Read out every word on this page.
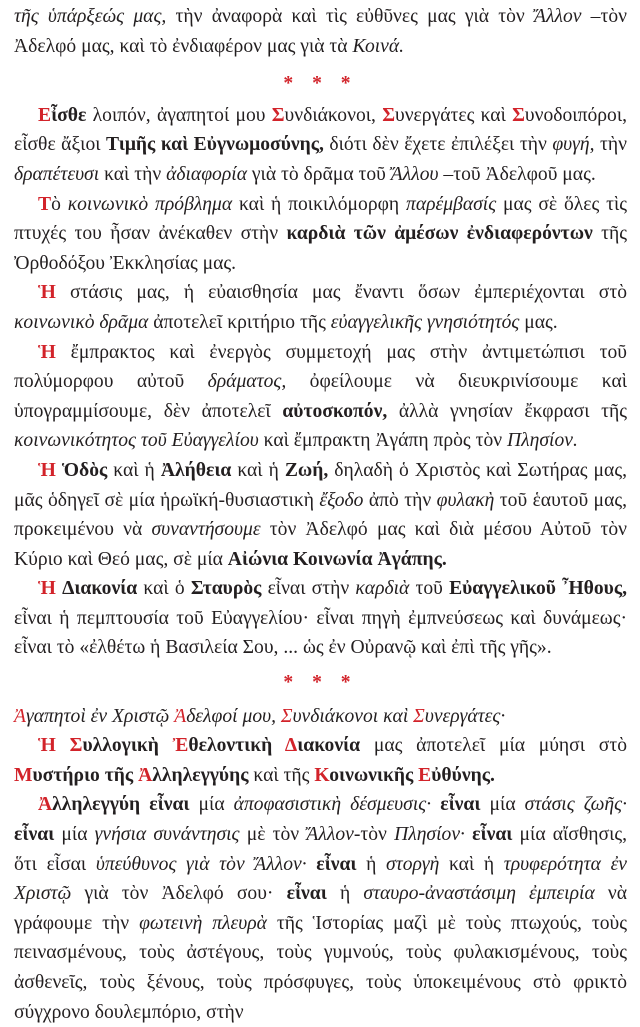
τῆς ὑπάρξεώς μας, τὴν ἀναφορὰ καὶ τὶς εὐθῦνες μας γιὰ τὸν Ἄλλον –τὸν Ἀδελφό μας, καὶ τὸ ἐνδιαφέρον μας γιὰ τὰ Κοινά.

* * *

Εἶσθε λοιπόν, ἀγαπητοί μου Συνδιάκονοι, Συνεργάτες καὶ Συνοδοιπόροι, εἶσθε ἄξιοι Τιμῆς καὶ Εὐγνωμοσύνης, διότι δὲν ἔχετε ἐπιλέξει τὴν φυγή, τὴν δραπέτευσι καὶ τὴν ἀδιαφορία γιὰ τὸ δρᾶμα τοῦ Ἄλλου –τοῦ Ἀδελφοῦ μας.

Τὸ κοινωνικὸ πρόβλημα καὶ ἡ ποικιλόμορφη παρέμβασίς μας σὲ ὅλες τὶς πτυχές του ἦσαν ἀνέκαθεν στὴν καρδιὰ τῶν ἀμέσων ἐνδιαφερόντων τῆς Ὀρθοδόξου Ἐκκλησίας μας.

Ἡ στάσις μας, ἡ εὐαισθησία μας ἔναντι ὅσων ἐμπεριέχονται στὸ κοινωνικὸ δρᾶμα ἀποτελεῖ κριτήριο τῆς εὐαγγελικῆς γνησιότητός μας.

Ἡ ἔμπρακτος καὶ ἐνεργὸς συμμετοχή μας στὴν ἀντιμετώπισι τοῦ πολύμορφου αὐτοῦ δράματος, ὀφείλουμε νὰ διευκρινίσουμε καὶ ὑπογραμμίσουμε, δὲν ἀποτελεῖ αὐτοσκοπόν, ἀλλὰ γνησίαν ἔκφρασι τῆς κοινωνικότητος τοῦ Εὐαγγελίου καὶ ἔμπρακτη Ἀγάπη πρὸς τὸν Πλησίον.

Ἡ Ὁδὸς καὶ ἡ Ἀλήθεια καὶ ἡ Ζωή, δηλαδὴ ὁ Χριστὸς καὶ Σωτήρας μας, μᾶς ὁδηγεῖ σὲ μία ἡρωϊκή-θυσιαστικὴ ἔξοδο ἀπὸ τὴν φυλακὴ τοῦ ἑαυτοῦ μας, προκειμένου νὰ συναντήσουμε τὸν Ἀδελφό μας καὶ διὰ μέσου Αὐτοῦ τὸν Κύριο καὶ Θεό μας, σὲ μία Αἰώνια Κοινωνία Ἀγάπης.

Ἡ Διακονία καὶ ὁ Σταυρὸς εἶναι στὴν καρδιὰ τοῦ Εὐαγγελικοῦ Ἦθους, εἶναι ἡ πεμπτουσία τοῦ Εὐαγγελίου· εἶναι πηγὴ ἐμπνεύσεως καὶ δυνάμεως· εἶναι τὸ «ἐλθέτω ἡ Βασιλεία Σου, ... ὡς ἐν Οὐρανῷ καὶ ἐπὶ τῆς γῆς».

* * *

Ἀγαπητοὶ ἐν Χριστῷ Ἀδελφοί μου, Συνδιάκονοι καὶ Συνεργάτες·

Ἡ Συλλογικὴ Ἐθελοντικὴ Διακονία μας ἀποτελεῖ μία μύησι στὸ Μυστήριο τῆς Ἀλληλεγγύης καὶ τῆς Κοινωνικῆς Εὐθύνης.

Ἀλληλεγγύη εἶναι μία ἀποφασιστικὴ δέσμευσις· εἶναι μία στάσις ζωῆς· εἶναι μία γνήσια συνάντησις μὲ τὸν Ἄλλον-τὸν Πλησίον· εἶναι μία αἴσθησις, ὅτι εἶσαι ὑπεύθυνος γιὰ τὸν Ἄλλον· εἶναι ἡ στοργὴ καὶ ἡ τρυφερότητα ἐν Χριστῷ γιὰ τὸν Ἀδελφό σου· εἶναι ἡ σταυρο-ἀναστάσιμη ἐμπειρία νὰ γράφουμε τὴν φωτεινὴ πλευρὰ τῆς Ἱστορίας μαζὶ μὲ τοὺς πτωχούς, τοὺς πεινασμένους, τοὺς ἀστέγους, τοὺς γυμνούς, τοὺς φυλακισμένους, τοὺς ἀσθενεῖς, τοὺς ξένους, τοὺς πρόσφυγες, τοὺς ὑποκειμένους στὸ φρικτὸ σύγχρονο δουλεμπόριο, στὴν
